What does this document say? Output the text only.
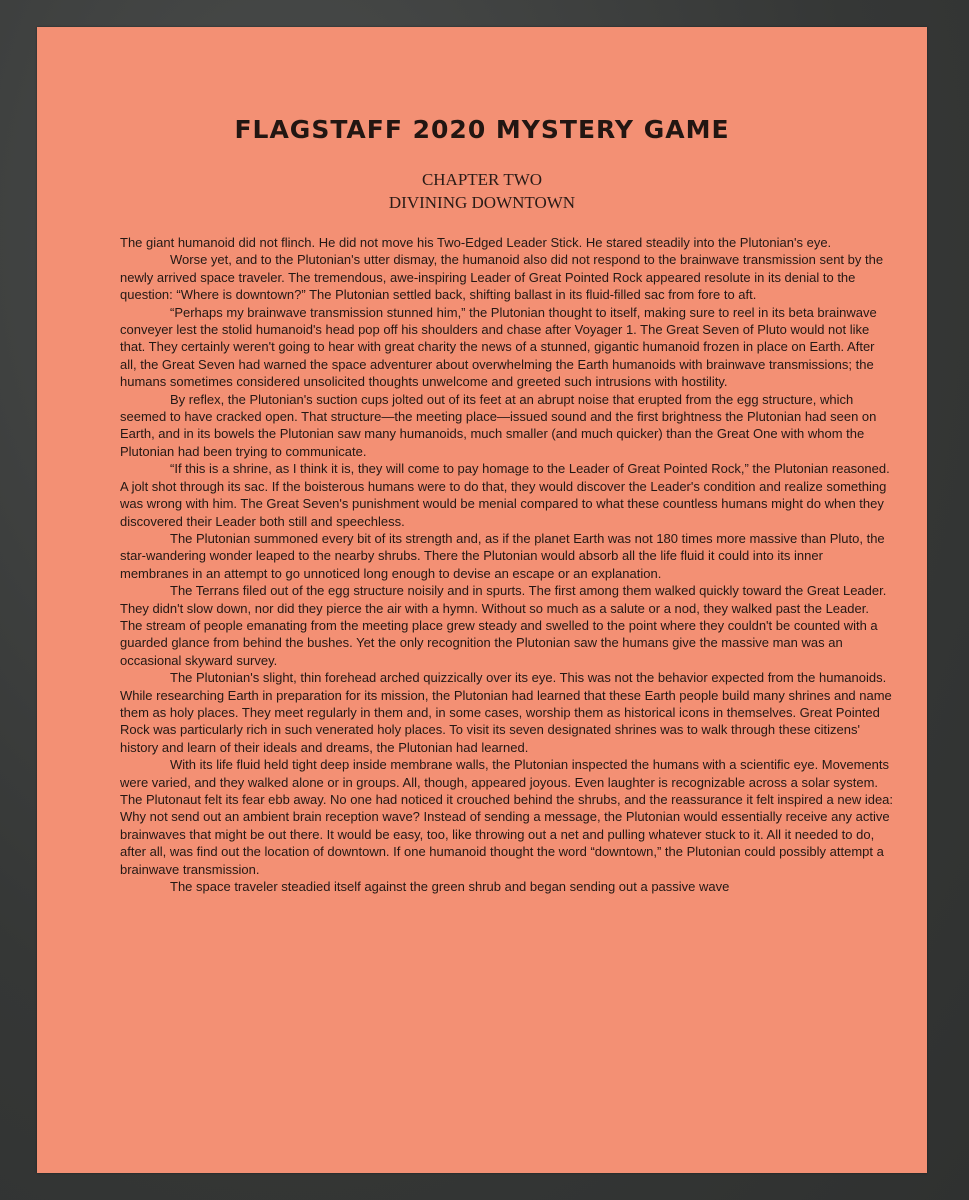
FLAGSTAFF 2020 MYSTERY GAME
CHAPTER TWO
DIVINING DOWNTOWN

The giant humanoid did not flinch. He did not move his Two-Edged Leader Stick. He stared steadily into the Plutonian's eye.

Worse yet, and to the Plutonian's utter dismay, the humanoid also did not respond to the brainwave transmission sent by the newly arrived space traveler. The tremendous, awe-inspiring Leader of Great Pointed Rock appeared resolute in its denial to the question: “Where is downtown?” The Plutonian settled back, shifting ballast in its fluid-filled sac from fore to aft.

“Perhaps my brainwave transmission stunned him,” the Plutonian thought to itself, making sure to reel in its beta brainwave conveyer lest the stolid humanoid's head pop off his shoulders and chase after Voyager 1. The Great Seven of Pluto would not like that. They certainly weren't going to hear with great charity the news of a stunned, gigantic humanoid frozen in place on Earth. After all, the Great Seven had warned the space adventurer about overwhelming the Earth humanoids with brainwave transmissions; the humans sometimes considered unsolicited thoughts unwelcome and greeted such intrusions with hostility.

By reflex, the Plutonian's suction cups jolted out of its feet at an abrupt noise that erupted from the egg structure, which seemed to have cracked open. That structure—the meeting place—issued sound and the first brightness the Plutonian had seen on Earth, and in its bowels the Plutonian saw many humanoids, much smaller (and much quicker) than the Great One with whom the Plutonian had been trying to communicate.

“If this is a shrine, as I think it is, they will come to pay homage to the Leader of Great Pointed Rock,” the Plutonian reasoned. A jolt shot through its sac. If the boisterous humans were to do that, they would discover the Leader's condition and realize something was wrong with him. The Great Seven's punishment would be menial compared to what these countless humans might do when they discovered their Leader both still and speechless.

The Plutonian summoned every bit of its strength and, as if the planet Earth was not 180 times more massive than Pluto, the star-wandering wonder leaped to the nearby shrubs. There the Plutonian would absorb all the life fluid it could into its inner membranes in an attempt to go unnoticed long enough to devise an escape or an explanation.

The Terrans filed out of the egg structure noisily and in spurts. The first among them walked quickly toward the Great Leader. They didn't slow down, nor did they pierce the air with a hymn. Without so much as a salute or a nod, they walked past the Leader. The stream of people emanating from the meeting place grew steady and swelled to the point where they couldn't be counted with a guarded glance from behind the bushes. Yet the only recognition the Plutonian saw the humans give the massive man was an occasional skyward survey.

The Plutonian's slight, thin forehead arched quizzically over its eye. This was not the behavior expected from the humanoids. While researching Earth in preparation for its mission, the Plutonian had learned that these Earth people build many shrines and name them as holy places. They meet regularly in them and, in some cases, worship them as historical icons in themselves. Great Pointed Rock was particularly rich in such venerated holy places. To visit its seven designated shrines was to walk through these citizens' history and learn of their ideals and dreams, the Plutonian had learned.

With its life fluid held tight deep inside membrane walls, the Plutonian inspected the humans with a scientific eye. Movements were varied, and they walked alone or in groups. All, though, appeared joyous. Even laughter is recognizable across a solar system. The Plutonaut felt its fear ebb away. No one had noticed it crouched behind the shrubs, and the reassurance it felt inspired a new idea: Why not send out an ambient brain reception wave? Instead of sending a message, the Plutonian would essentially receive any active brainwaves that might be out there. It would be easy, too, like throwing out a net and pulling whatever stuck to it. All it needed to do, after all, was find out the location of downtown. If one humanoid thought the word “downtown,” the Plutonian could possibly attempt a brainwave transmission.

The space traveler steadied itself against the green shrub and began sending out a passive wave
